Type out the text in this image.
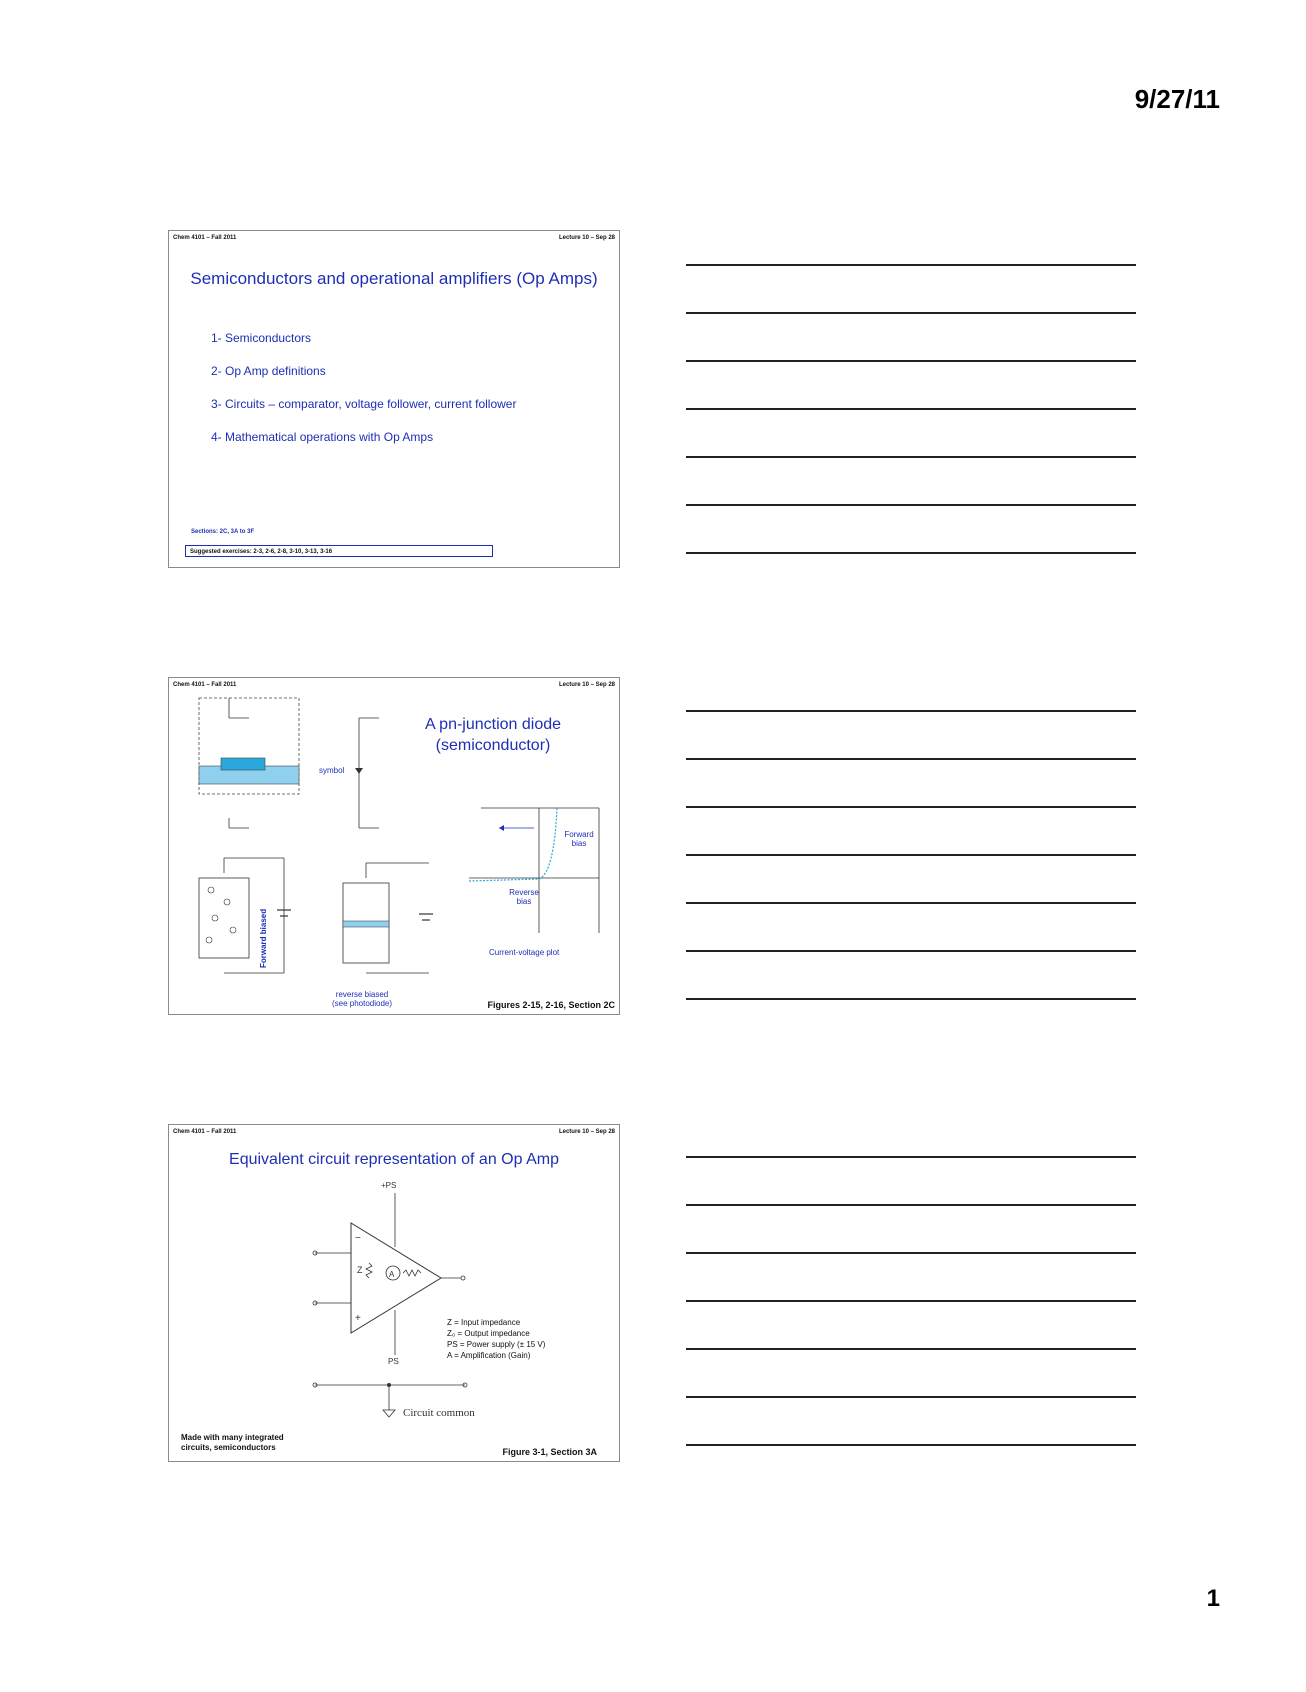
9/27/11
Chem 4101 – Fall 2011	Lecture 10 – Sep 28
Semiconductors and operational amplifiers (Op Amps)
1- Semiconductors
2- Op Amp definitions
3- Circuits – comparator, voltage follower, current follower
4- Mathematical operations with Op Amps
Sections: 2C, 3A to 3F
Suggested exercises: 2-3, 2-6, 2-8, 3-10, 3-13, 3-16
Chem 4101 – Fall 2011	Lecture 10 – Sep 28
A pn-junction diode
(semiconductor)
symbol
Forward bias
Reverse bias
Forward biased
reverse biased
(see photodiode)
Current-voltage plot
Figures 2-15, 2-16, Section 2C
Chem 4101 – Fall 2011	Lecture 10 – Sep 28
Equivalent circuit representation of an Op Amp
−
+
Z	A
+PS
PS
Z = Input impedance
Z₀ = Output impedance
PS = Power supply (± 15 V)
A = Amplification (Gain)
Circuit common
Made with many integrated
circuits, semiconductors	Figure 3-1, Section 3A
1
